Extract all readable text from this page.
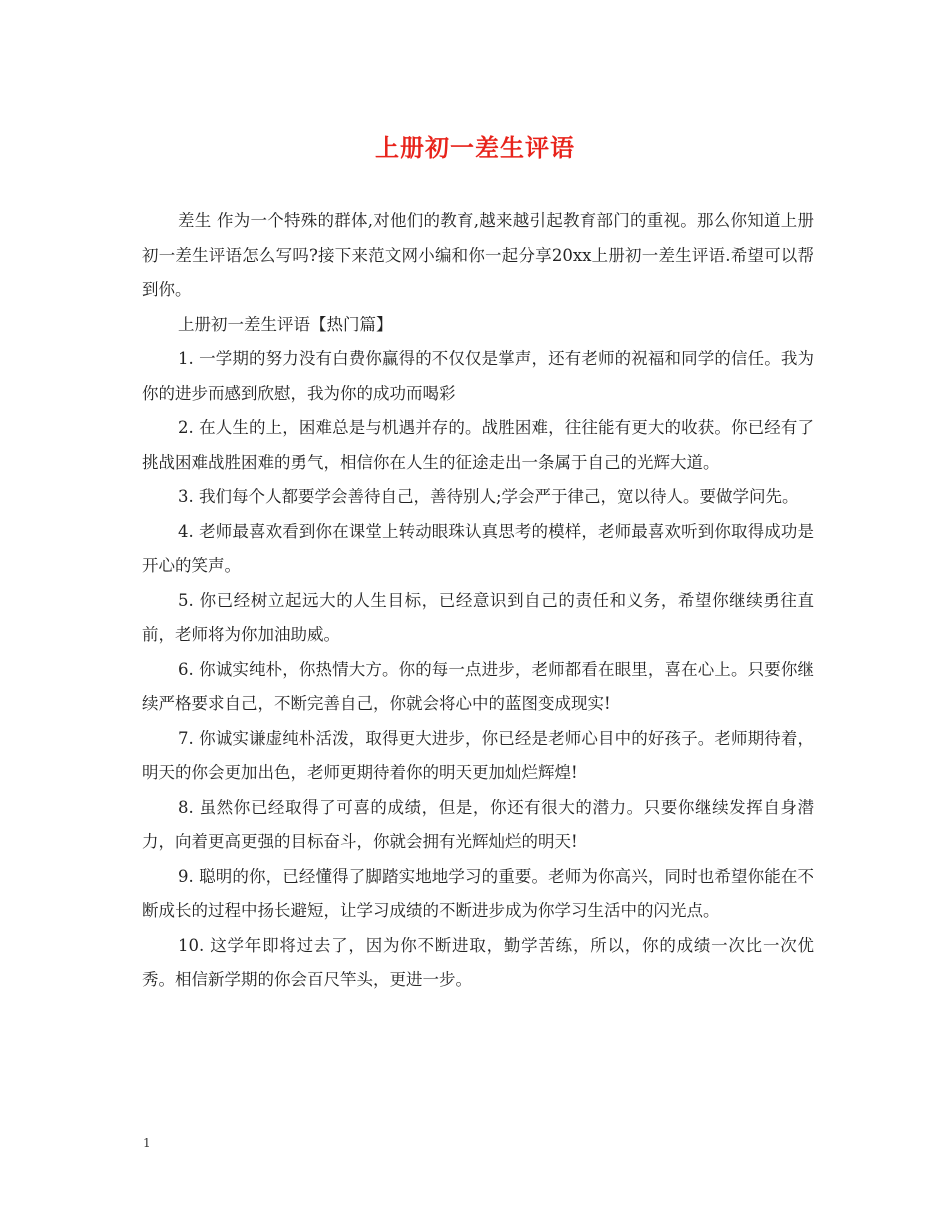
上册初一差生评语

差生 作为一个特殊的群体,对他们的教育,越来越引起教育部门的重视。那么你知道上册初一差生评语怎么写吗?接下来范文网小编和你一起分享20xx上册初一差生评语.希望可以帮到你。

上册初一差生评语【热门篇】

1. 一学期的努力没有白费你赢得的不仅仅是掌声，还有老师的祝福和同学的信任。我为你的进步而感到欣慰，我为你的成功而喝彩

2. 在人生的上，困难总是与机遇并存的。战胜困难，往往能有更大的收获。你已经有了挑战困难战胜困难的勇气，相信你在人生的征途走出一条属于自己的光辉大道。

3. 我们每个人都要学会善待自己，善待别人;学会严于律己，宽以待人。要做学问先。

4. 老师最喜欢看到你在课堂上转动眼珠认真思考的模样，老师最喜欢听到你取得成功是开心的笑声。

5. 你已经树立起远大的人生目标，已经意识到自己的责任和义务，希望你继续勇往直前，老师将为你加油助威。

6. 你诚实纯朴，你热情大方。你的每一点进步，老师都看在眼里，喜在心上。只要你继续严格要求自己，不断完善自己，你就会将心中的蓝图变成现实!

7. 你诚实谦虚纯朴活泼，取得更大进步，你已经是老师心目中的好孩子。老师期待着，明天的你会更加出色，老师更期待着你的明天更加灿烂辉煌!

8. 虽然你已经取得了可喜的成绩，但是，你还有很大的潜力。只要你继续发挥自身潜力，向着更高更强的目标奋斗，你就会拥有光辉灿烂的明天!

9. 聪明的你，已经懂得了脚踏实地地学习的重要。老师为你高兴，同时也希望你能在不断成长的过程中扬长避短，让学习成绩的不断进步成为你学习生活中的闪光点。

10. 这学年即将过去了，因为你不断进取，勤学苦练，所以，你的成绩一次比一次优秀。相信新学期的你会百尺竿头，更进一步。

1
